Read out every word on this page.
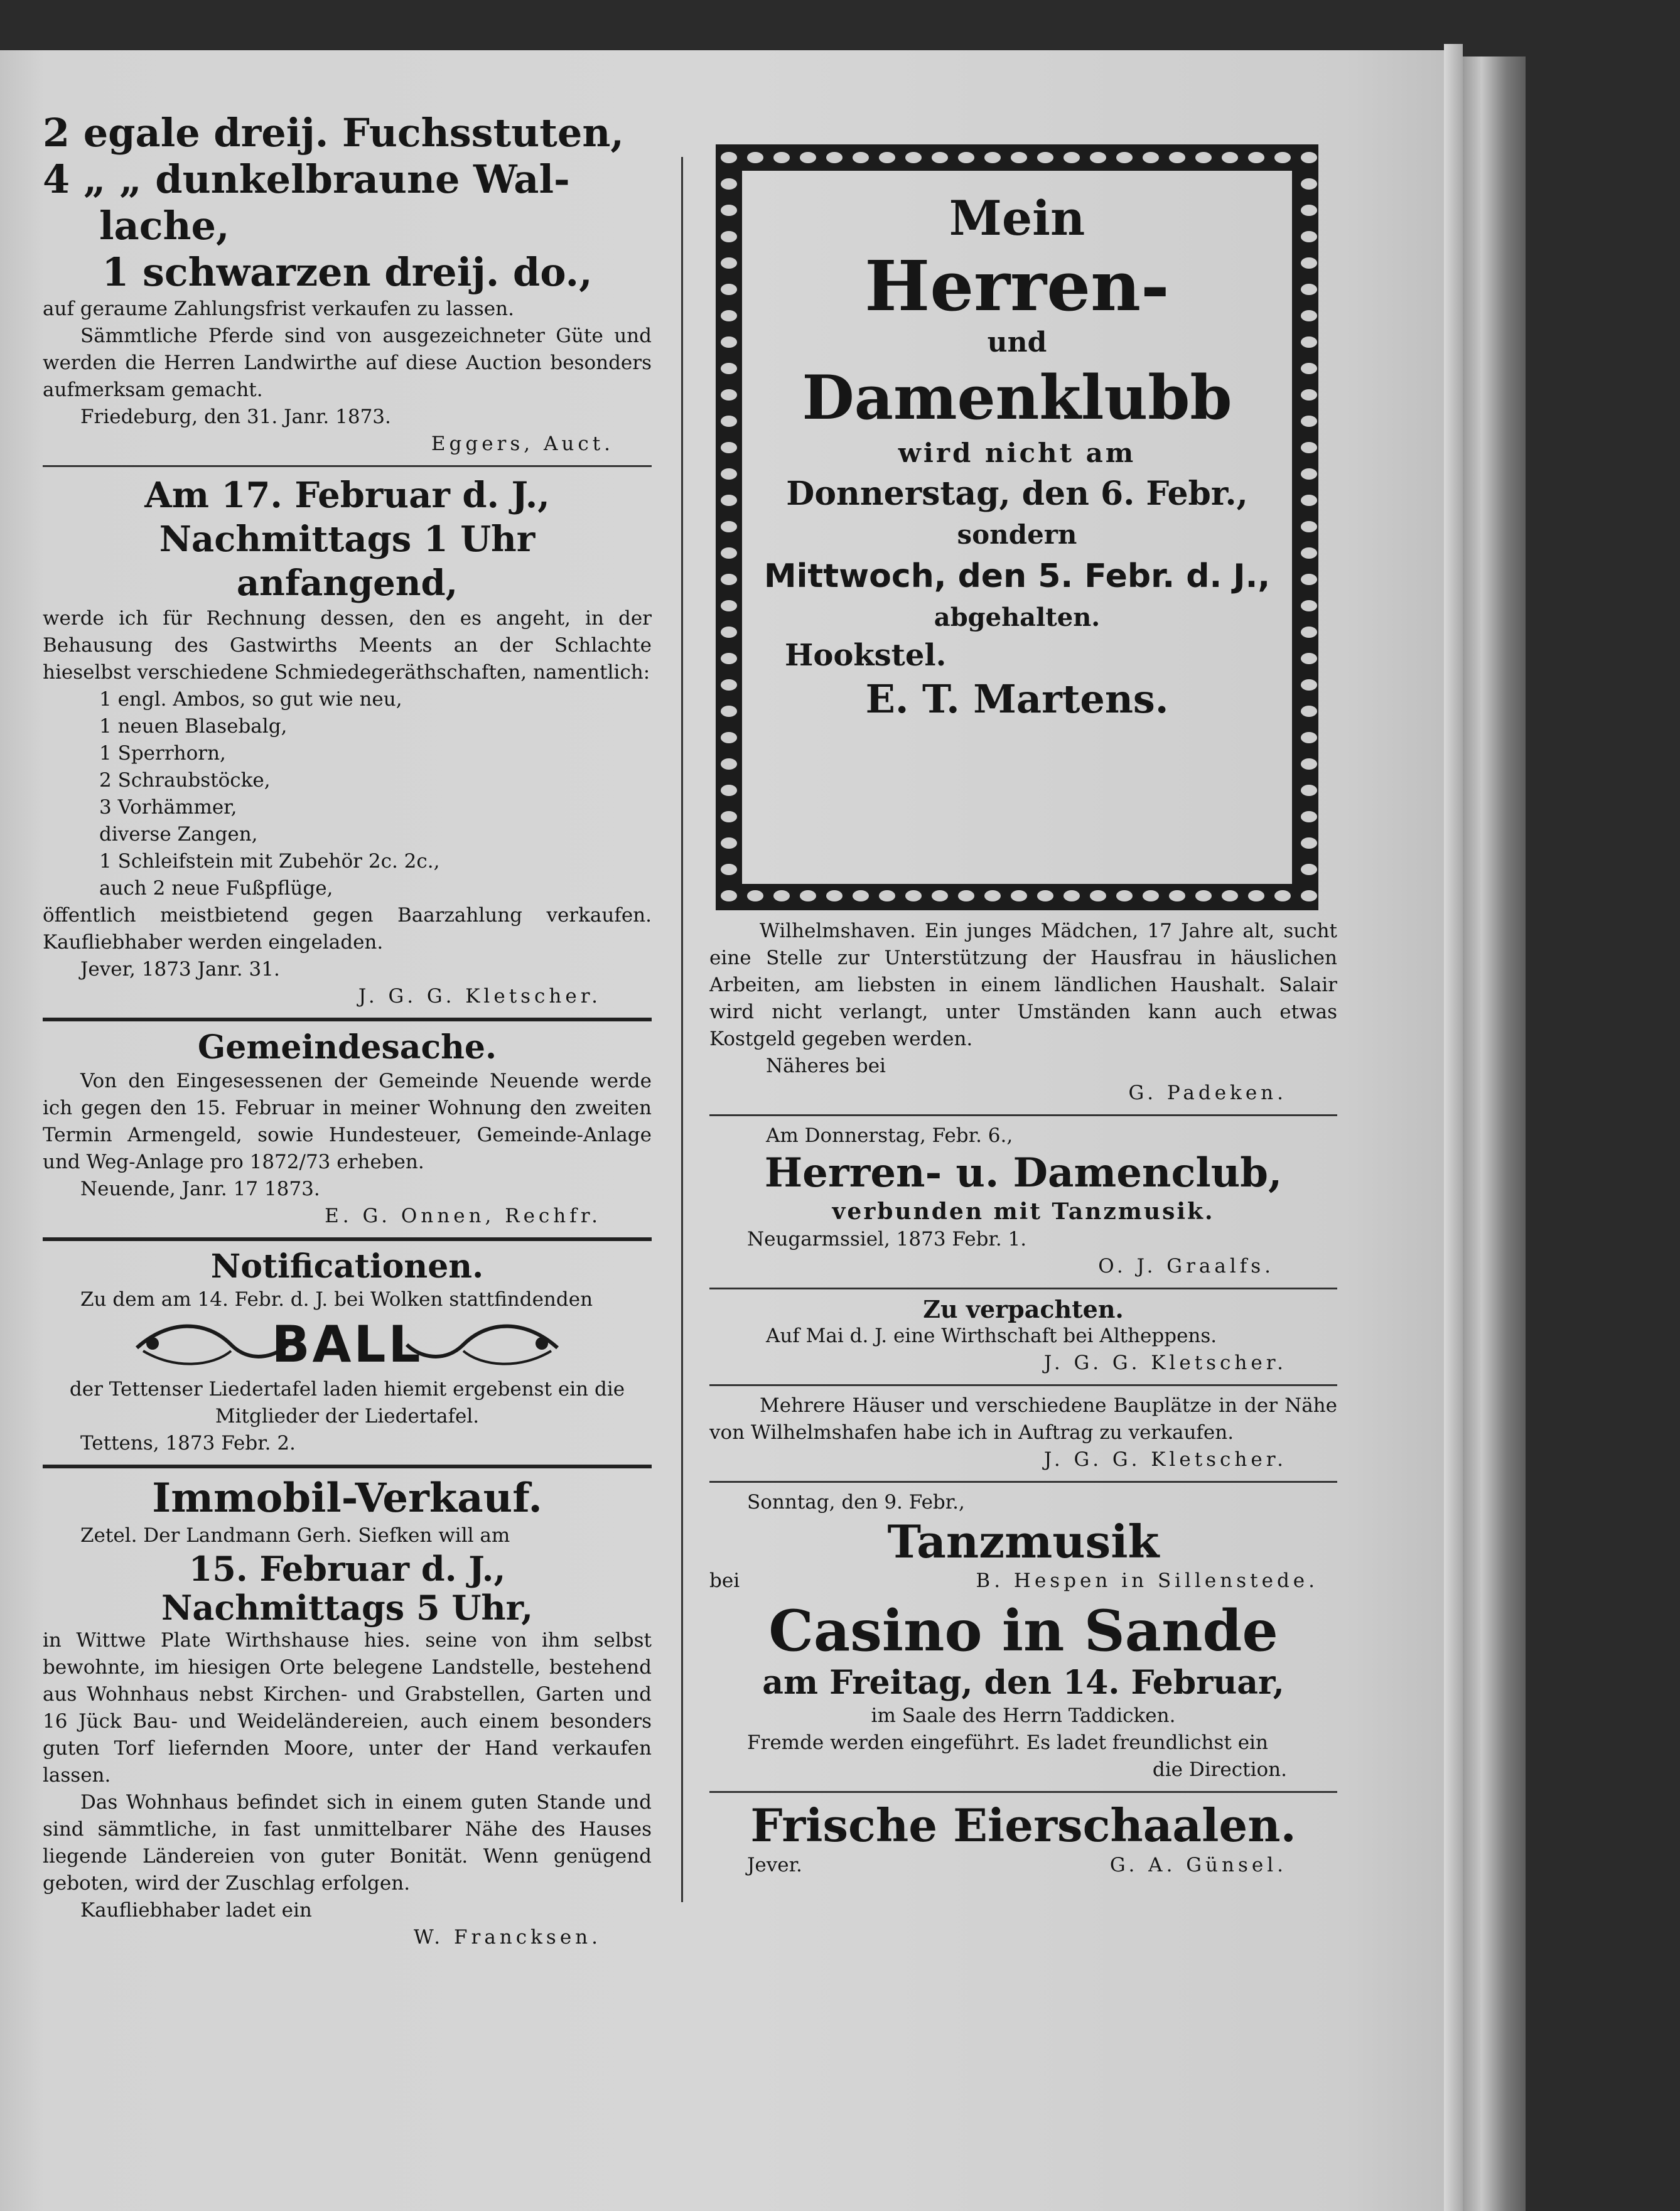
2 egale dreij. Fuchsstuten,
4 „ „ dunkelbraune Wal-
lache,
1 schwarzen dreij. do.,
auf geraume Zahlungsfrist verkaufen zu lassen.
Sämmtliche Pferde sind von ausgezeichneter Güte und werden die Herren Landwirthe auf diese Auction besonders aufmerksam gemacht.
Friedeburg, den 31. Janr. 1873.
Eggers, Auct.
Am 17. Februar d. J.,
Nachmittags 1 Uhr anfangend,
werde ich für Rechnung dessen, den es angeht, in der Behausung des Gastwirths Meents an der Schlachte hieselbst verschiedene Schmiedegeräthschaften, namentlich:
1 engl. Ambos, so gut wie neu,
1 neuen Blasebalg,
1 Sperrhorn,
2 Schraubstöcke,
3 Vorhämmer,
diverse Zangen,
1 Schleifstein mit Zubehör 2c. 2c.,
auch 2 neue Fußpflüge,
öffentlich meistbietend gegen Baarzahlung verkaufen. Kaufliebhaber werden eingeladen.
Jever, 1873 Janr. 31.
J. G. G. Kletscher.
Gemeindesache.
Von den Eingesessenen der Gemeinde Neuende werde ich gegen den 15. Februar in meiner Wohnung den zweiten Termin Armengeld, sowie Hundesteuer, Gemeinde-Anlage und Weg-Anlage pro 1872/73 erheben.
Neuende, Janr. 17 1873.
E. G. Onnen, Rechfr.
Notificationen.
Zu dem am 14. Febr. d. J. bei Wolken stattfindenden
BALL
der Tettenser Liedertafel laden hiemit ergebenst ein die Mitglieder der Liedertafel.
Tettens, 1873 Febr. 2.
Immobil-Verkauf.
Zetel. Der Landmann Gerh. Siefken will am
15. Februar d. J.,
Nachmittags 5 Uhr,
in Wittwe Plate Wirthshause hies. seine von ihm selbst bewohnte, im hiesigen Orte belegene Landstelle, bestehend aus Wohnhaus nebst Kirchen- und Grabstellen, Garten und 16 Jück Bau- und Weideländereien, auch einem besonders guten Torf liefernden Moore, unter der Hand verkaufen lassen.
Das Wohnhaus befindet sich in einem guten Stande und sind sämmtliche, in fast unmittelbarer Nähe des Hauses liegende Ländereien von guter Bonität. Wenn genügend geboten, wird der Zuschlag erfolgen.
Kaufliebhaber ladet ein
W. Francksen.
Mein
Herren-
und
Damenklubb
wird nicht am
Donnerstag, den 6. Febr.,
sondern
Mittwoch, den 5. Febr. d. J.,
abgehalten.
Hookstel.
E. T. Martens.
Wilhelmshaven. Ein junges Mädchen, 17 Jahre alt, sucht eine Stelle zur Unterstützung der Hausfrau in häuslichen Arbeiten, am liebsten in einem ländlichen Haushalt. Salair wird nicht verlangt, unter Umständen kann auch etwas Kostgeld gegeben werden.
Näheres bei
G. Padeken.
Am Donnerstag, Febr. 6.,
Herren- u. Damenclub,
verbunden mit Tanzmusik.
Neugarmssiel, 1873 Febr. 1.
O. J. Graalfs.
Zu verpachten.
Auf Mai d. J. eine Wirthschaft bei Altheppens.
J. G. G. Kletscher.
Mehrere Häuser und verschiedene Bauplätze in der Nähe von Wilhelmshafen habe ich in Auftrag zu verkaufen.
J. G. G. Kletscher.
Sonntag, den 9. Febr.,
Tanzmusik
bei	B. Hespen in Sillenstede.
Casino in Sande
am Freitag, den 14. Februar,
im Saale des Herrn Taddicken.
Fremde werden eingeführt. Es ladet freundlichst ein
die Direction.
Frische Eierschaalen.
Jever.	G. A. Günsel.
